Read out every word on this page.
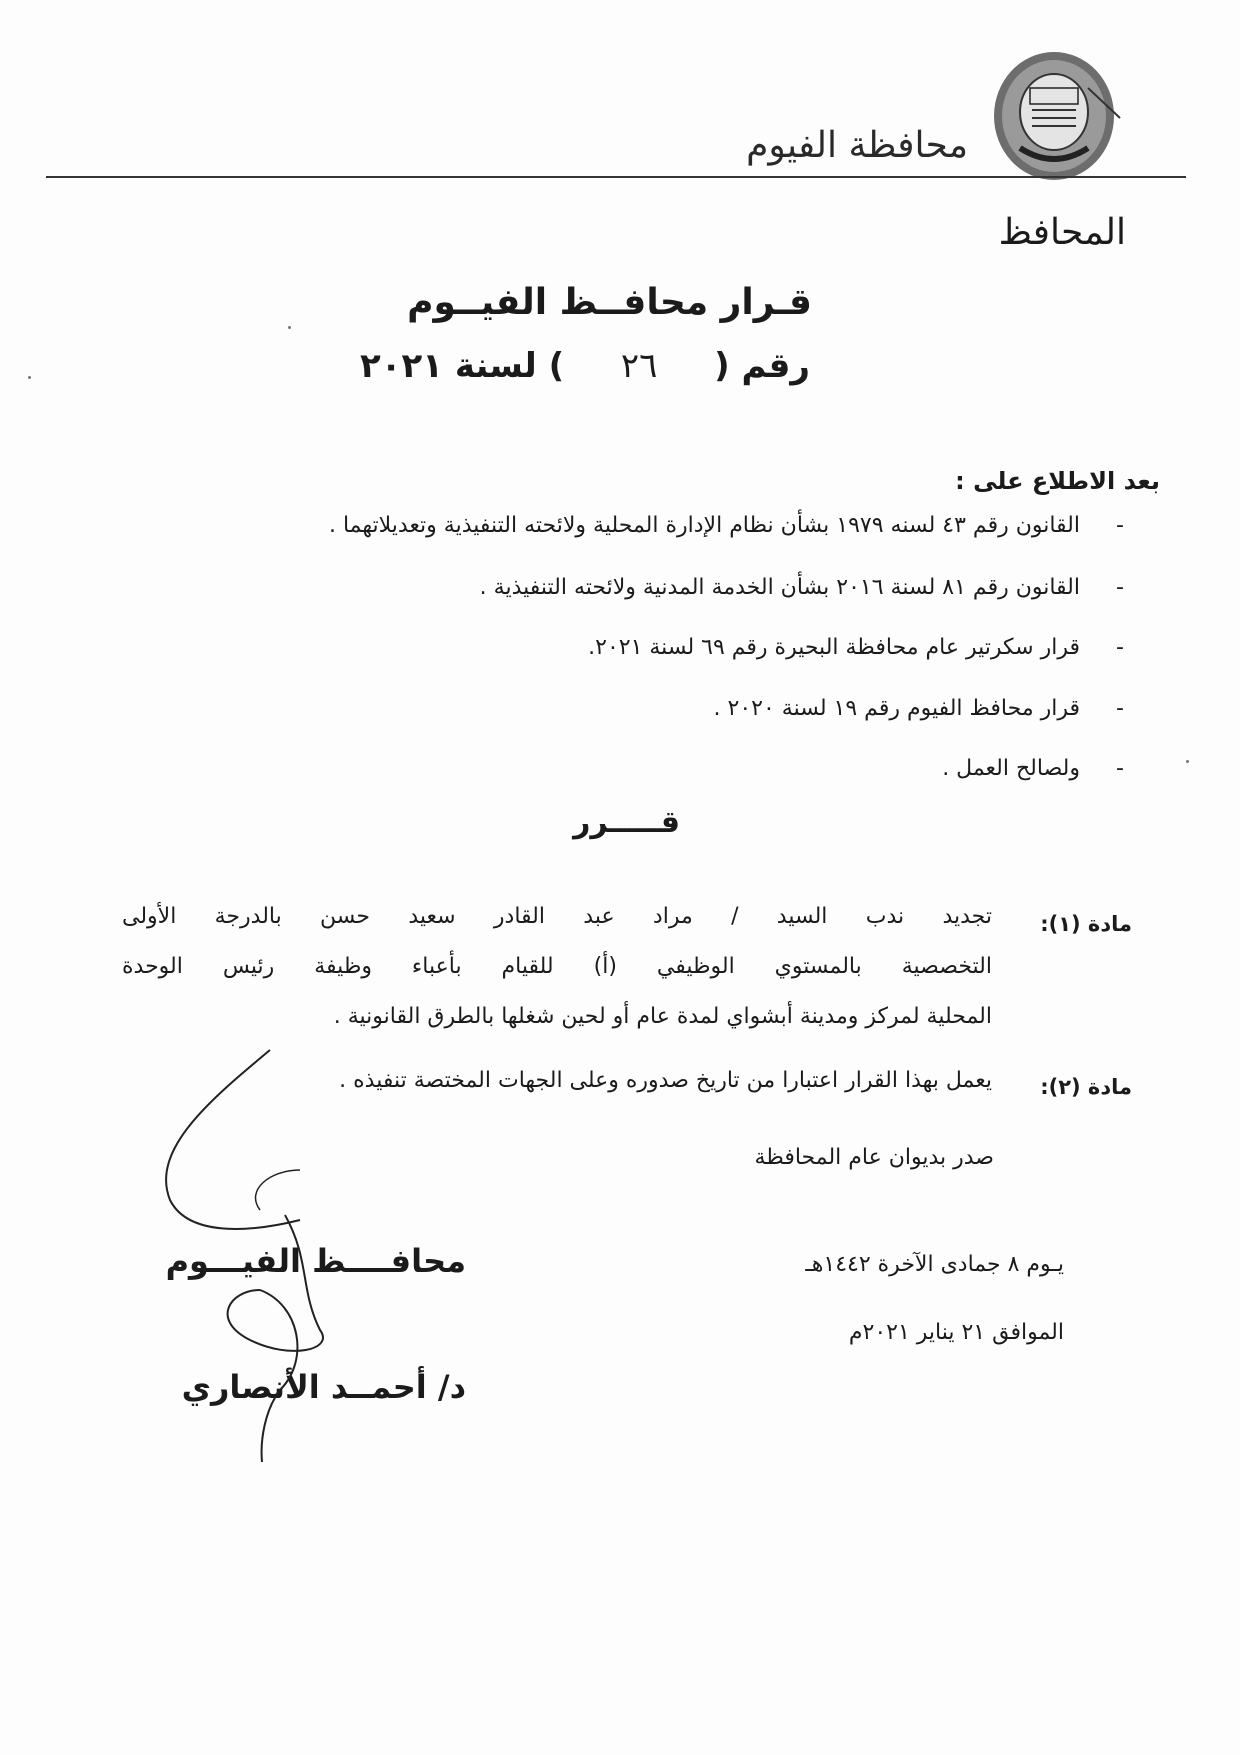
محافظة الفيوم
المحافظ
قـرار محافــظ الفيــوم
رقم (٢٦) لسنة ٢٠٢١
بعد الاطلاع على :
-
القانون رقم ٤٣ لسنه ١٩٧٩ بشأن نظام الإدارة المحلية ولائحته التنفيذية وتعديلاتهما .
-
القانون رقم ٨١ لسنة ٢٠١٦ بشأن الخدمة المدنية ولائحته التنفيذية .
-
قرار سكرتير عام محافظة البحيرة رقم ٦٩ لسنة ٢٠٢١.
-
قرار محافظ الفيوم رقم ١٩ لسنة ٢٠٢٠ .
-
ولصالح العمل .
قـــــرر
مادة (١):
تجديد ندب السيد / مراد عبد القادر سعيد حسن بالدرجة الأولى
التخصصية بالمستوي الوظيفي (أ) للقيام بأعباء وظيفة رئيس الوحدة
المحلية لمركز ومدينة أبشواي لمدة عام أو لحين شغلها بالطرق القانونية .
مادة (٢):
يعمل بهذا القرار اعتبارا من تاريخ صدوره وعلى الجهات المختصة تنفيذه .
صدر بديوان عام المحافظة
يـوم ٨ جمادى الآخرة ١٤٤٢هـ
الموافق ٢١ يناير ٢٠٢١م
محافــــظ الفيـــوم
د/ أحمــد الأنصاري
